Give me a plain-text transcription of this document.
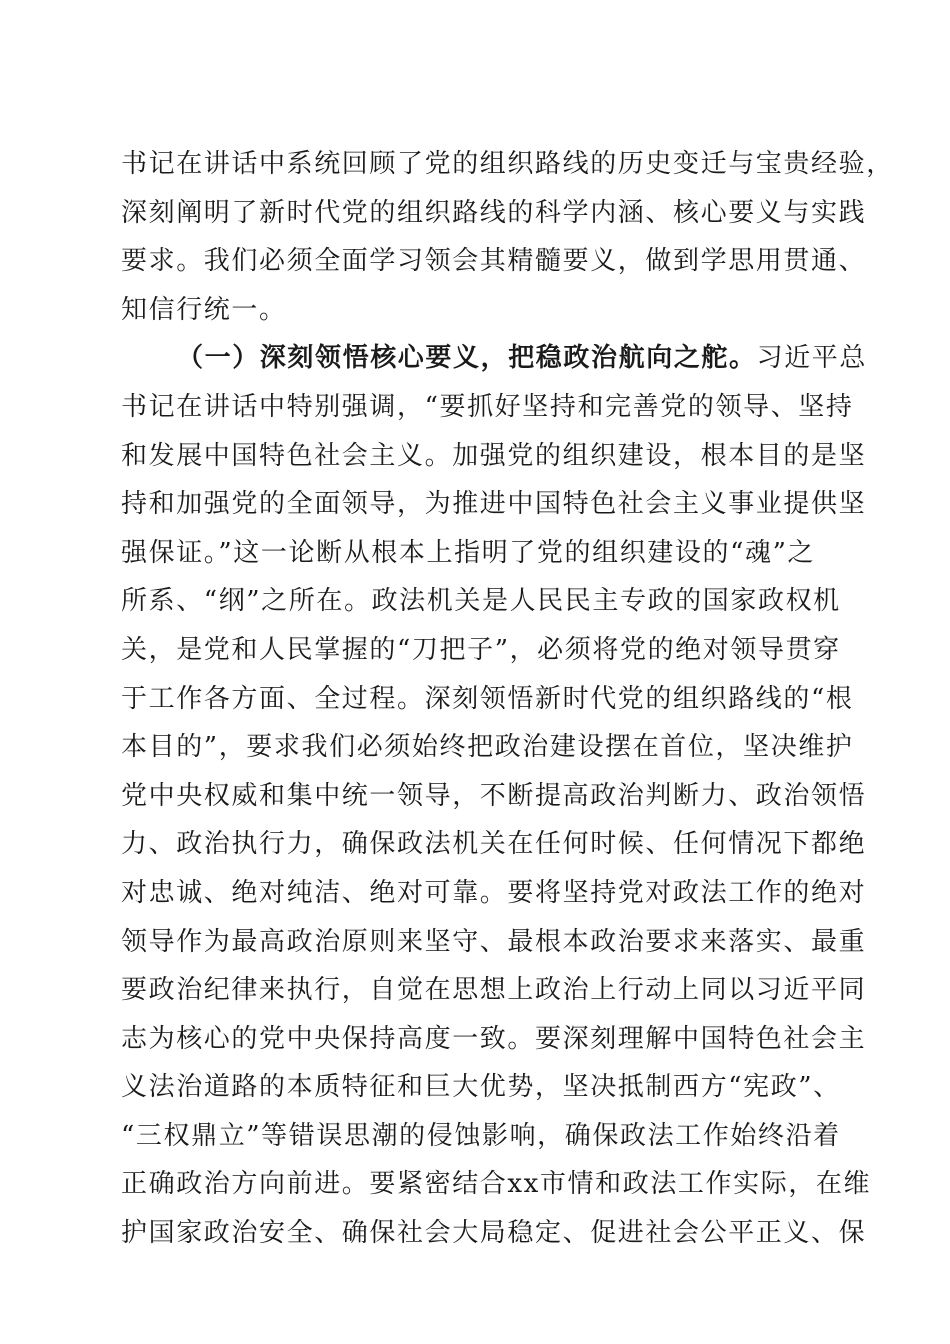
书记在讲话中系统回顾了党的组织路线的历史变迁与宝贵经验，
深刻阐明了新时代党的组织路线的科学内涵、核心要义与实践
要求。我们必须全面学习领会其精髓要义，做到学思用贯通、
知信行统一。
（一）深刻领悟核心要义，把稳政治航向之舵。习近平总
书记在讲话中特别强调，“要抓好坚持和完善党的领导、坚持
和发展中国特色社会主义。加强党的组织建设，根本目的是坚
持和加强党的全面领导，为推进中国特色社会主义事业提供坚
强保证。”这一论断从根本上指明了党的组织建设的“魂”之
所系、“纲”之所在。政法机关是人民民主专政的国家政权机
关，是党和人民掌握的“刀把子”，必须将党的绝对领导贯穿
于工作各方面、全过程。深刻领悟新时代党的组织路线的“根
本目的”，要求我们必须始终把政治建设摆在首位，坚决维护
党中央权威和集中统一领导，不断提高政治判断力、政治领悟
力、政治执行力，确保政法机关在任何时候、任何情况下都绝
对忠诚、绝对纯洁、绝对可靠。要将坚持党对政法工作的绝对
领导作为最高政治原则来坚守、最根本政治要求来落实、最重
要政治纪律来执行，自觉在思想上政治上行动上同以习近平同
志为核心的党中央保持高度一致。要深刻理解中国特色社会主
义法治道路的本质特征和巨大优势，坚决抵制西方“宪政”、
“三权鼎立”等错误思潮的侵蚀影响，确保政法工作始终沿着
正确政治方向前进。要紧密结合xx市情和政法工作实际，在维
护国家政治安全、确保社会大局稳定、促进社会公平正义、保
